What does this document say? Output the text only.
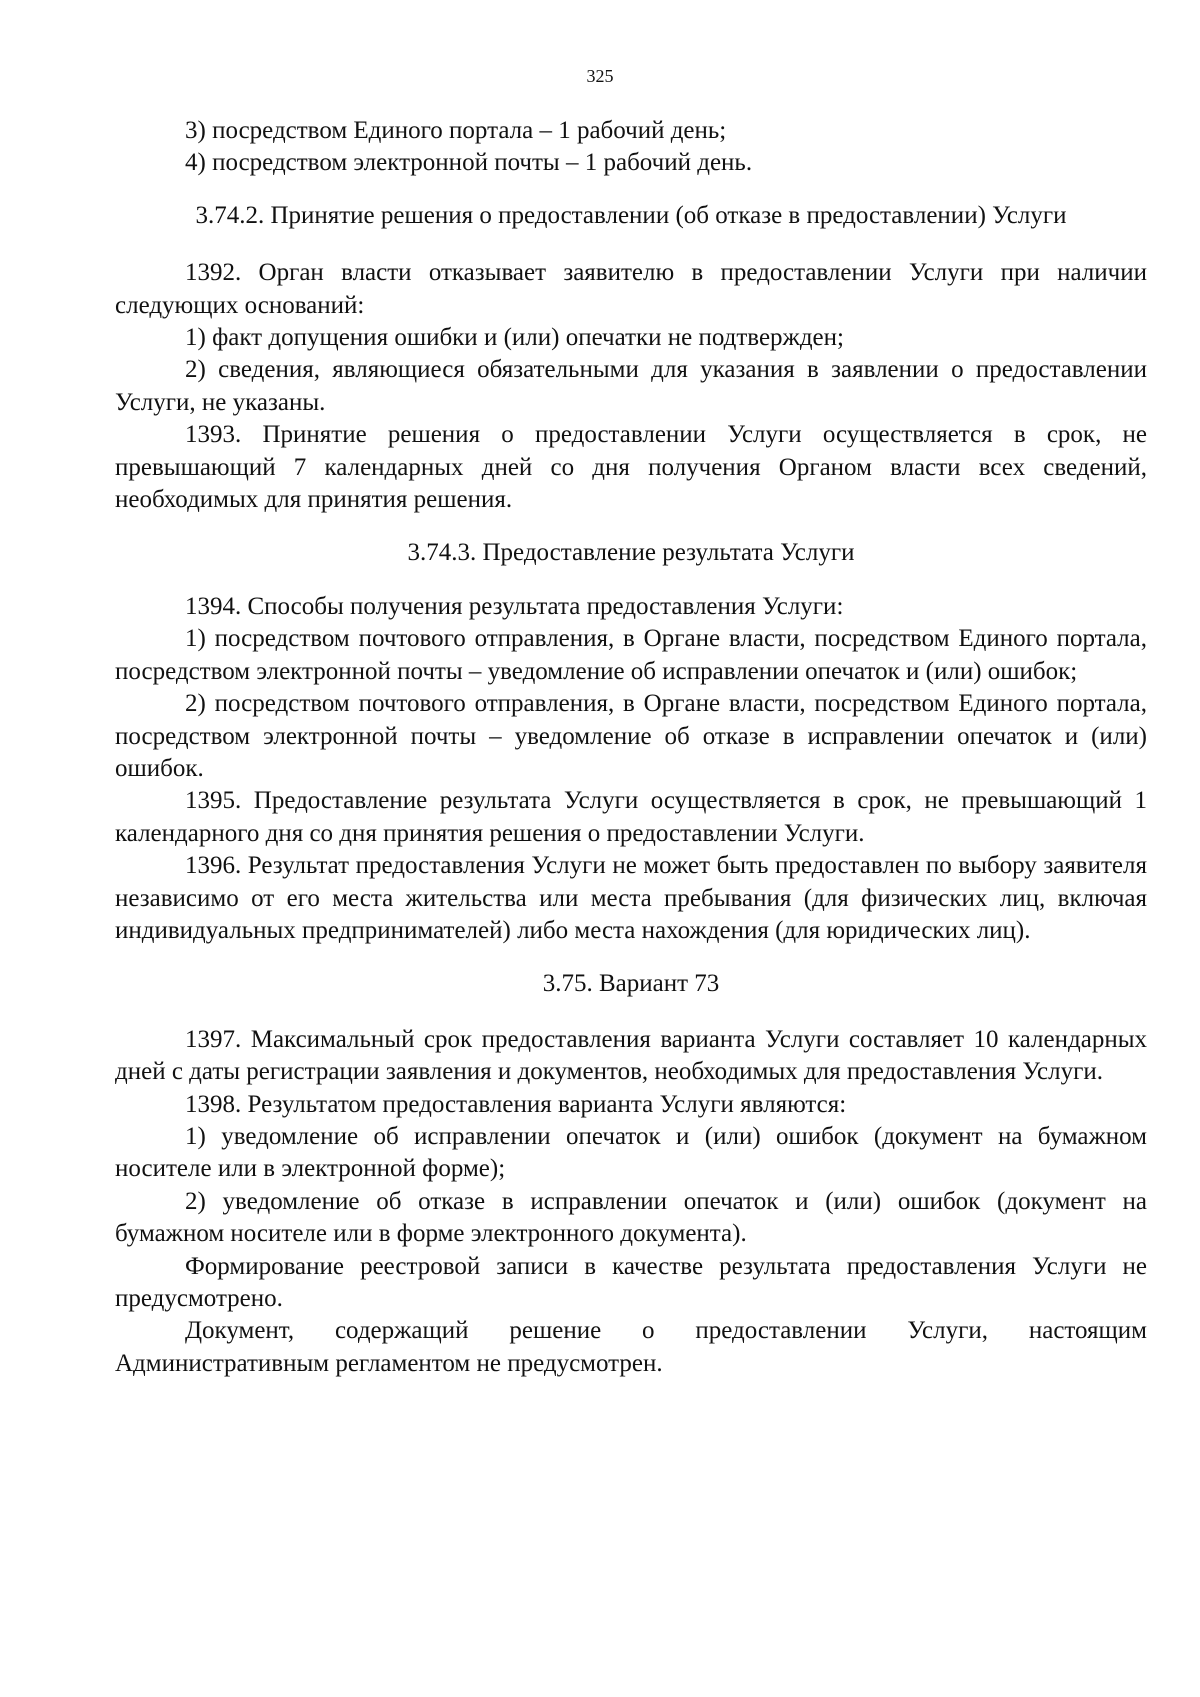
325

3) посредством Единого портала – 1 рабочий день;

4) посредством электронной почты – 1 рабочий день.

3.74.2. Принятие решения о предоставлении (об отказе в предоставлении) Услуги

1392. Орган власти отказывает заявителю в предоставлении Услуги при наличии следующих оснований:

1) факт допущения ошибки и (или) опечатки не подтвержден;

2) сведения, являющиеся обязательными для указания в заявлении о предоставлении Услуги, не указаны.

1393. Принятие решения о предоставлении Услуги осуществляется в срок, не превышающий 7 календарных дней со дня получения Органом власти всех сведений, необходимых для принятия решения.

3.74.3. Предоставление результата Услуги

1394. Способы получения результата предоставления Услуги:

1) посредством почтового отправления, в Органе власти, посредством Единого портала, посредством электронной почты – уведомление об исправлении опечаток и (или) ошибок;

2) посредством почтового отправления, в Органе власти, посредством Единого портала, посредством электронной почты – уведомление об отказе в исправлении опечаток и (или) ошибок.

1395. Предоставление результата Услуги осуществляется в срок, не превышающий 1 календарного дня со дня принятия решения о предоставлении Услуги.

1396. Результат предоставления Услуги не может быть предоставлен по выбору заявителя независимо от его места жительства или места пребывания (для физических лиц, включая индивидуальных предпринимателей) либо места нахождения (для юридических лиц).

3.75. Вариант 73

1397. Максимальный срок предоставления варианта Услуги составляет 10 календарных дней с даты регистрации заявления и документов, необходимых для предоставления Услуги.

1398. Результатом предоставления варианта Услуги являются:

1) уведомление об исправлении опечаток и (или) ошибок (документ на бумажном носителе или в электронной форме);

2) уведомление об отказе в исправлении опечаток и (или) ошибок (документ на бумажном носителе или в форме электронного документа).

Формирование реестровой записи в качестве результата предоставления Услуги не предусмотрено.

Документ, содержащий решение о предоставлении Услуги, настоящим Административным регламентом не предусмотрен.
